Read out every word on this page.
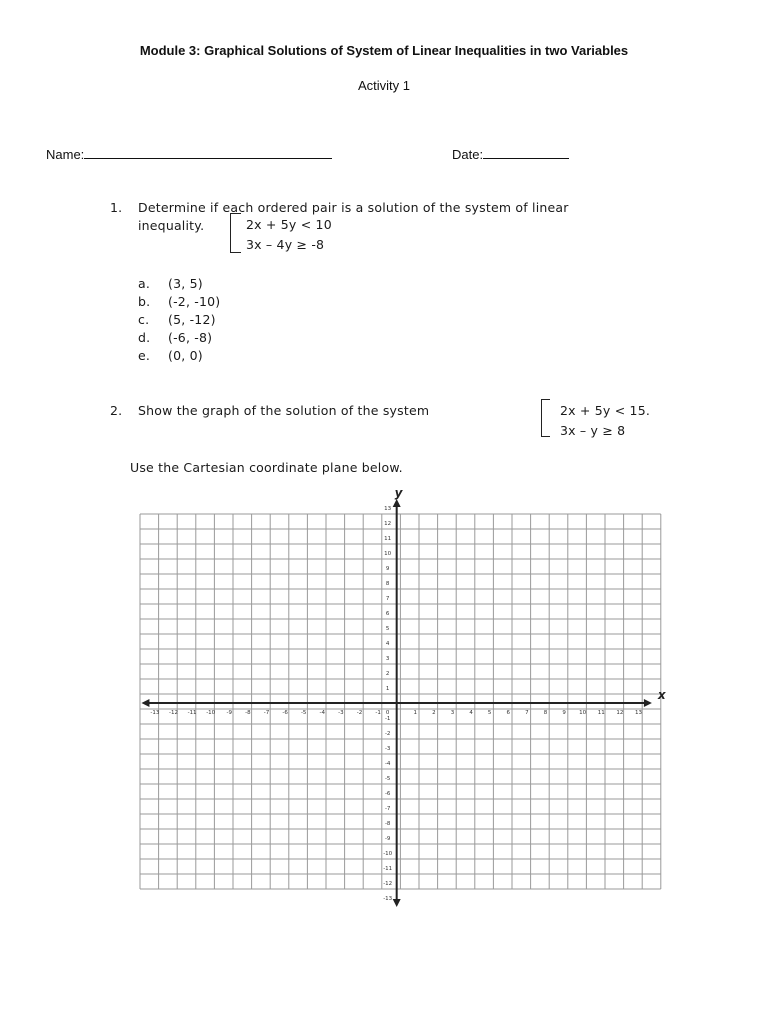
Module 3: Graphical Solutions of System of Linear Inequalities in two Variables
Activity 1
Name:	Date:
1. Determine if each ordered pair is a solution of the system of linear
inequality.	2x + 5y < 10
3x – 4y ≥ -8
a. (3, 5)
b. (-2, -10)
c. (5, -12)
d. (-6, -8)
e. (0, 0)
2. Show the graph of the solution of the system	2x + 5y < 15.
3x – y ≥ 8
Use the Cartesian coordinate plane below.
-13 -12 -11 -10 -9 -8 -7 -6 -5 -4 -3 -2 -1 0	1	2	3	4	5	6	7	8	9 10 11 12 13
13
12
11
10
9
8
7
6
5
4
3
2
1
-1
-2
-3
-4
-5
-6
-7
-8
-9
-10
-11
-12
-13
x
y
